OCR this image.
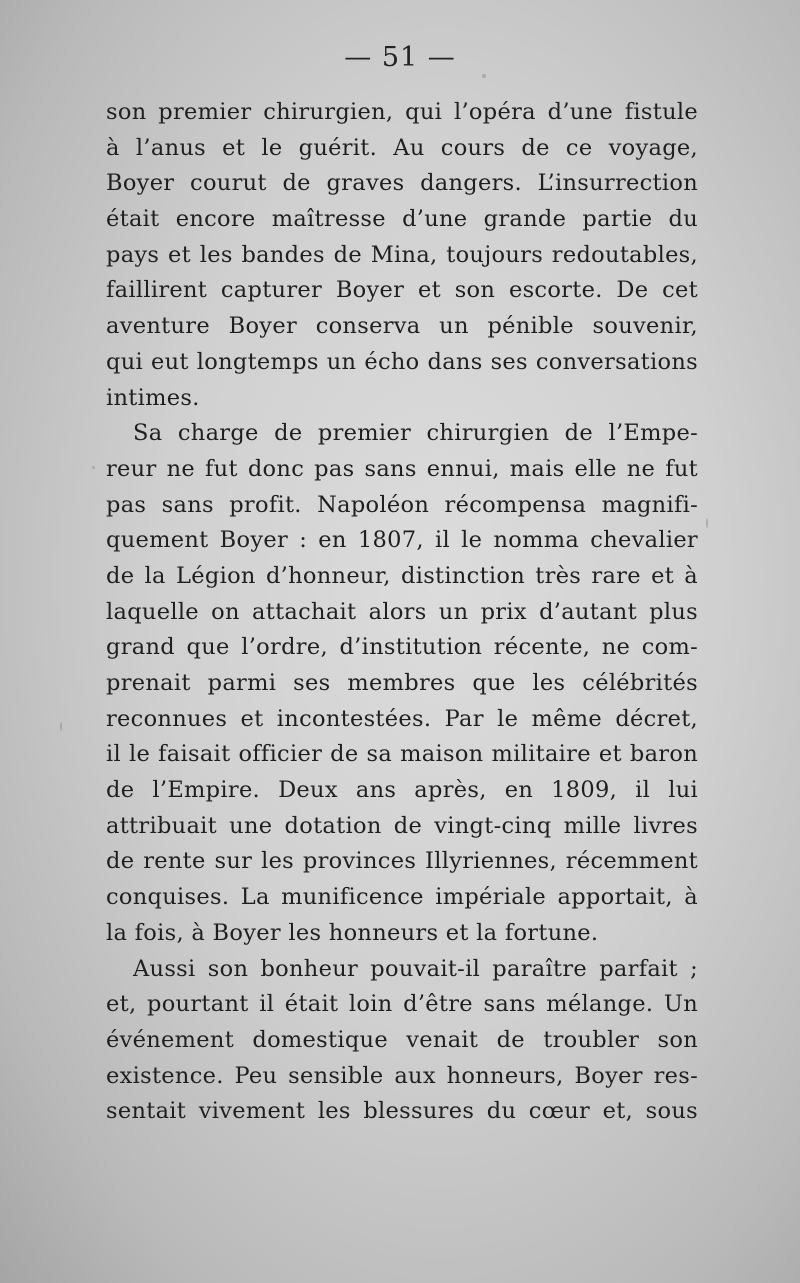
— 51 —
son premier chirurgien, qui l’opéra d’une fistule
à l’anus et le guérit. Au cours de ce voyage,
Boyer courut de graves dangers. L’insurrection
était encore maîtresse d’une grande partie du
pays et les bandes de Mina, toujours redoutables,
faillirent capturer Boyer et son escorte. De cet
aventure Boyer conserva un pénible souvenir,
qui eut longtemps un écho dans ses conversations
intimes.
Sa charge de premier chirurgien de l’Empe-
reur ne fut donc pas sans ennui, mais elle ne fut
pas sans profit. Napoléon récompensa magnifi-
quement Boyer : en 1807, il le nomma chevalier
de la Légion d’honneur, distinction très rare et à
laquelle on attachait alors un prix d’autant plus
grand que l’ordre, d’institution récente, ne com-
prenait parmi ses membres que les célébrités
reconnues et incontestées. Par le même décret,
il le faisait officier de sa maison militaire et baron
de l’Empire. Deux ans après, en 1809, il lui
attribuait une dotation de vingt-cinq mille livres
de rente sur les provinces Illyriennes, récemment
conquises. La munificence impériale apportait, à
la fois, à Boyer les honneurs et la fortune.
Aussi son bonheur pouvait-il paraître parfait ;
et, pourtant il était loin d’être sans mélange. Un
événement domestique venait de troubler son
existence. Peu sensible aux honneurs, Boyer res-
sentait vivement les blessures du cœur et, sous
